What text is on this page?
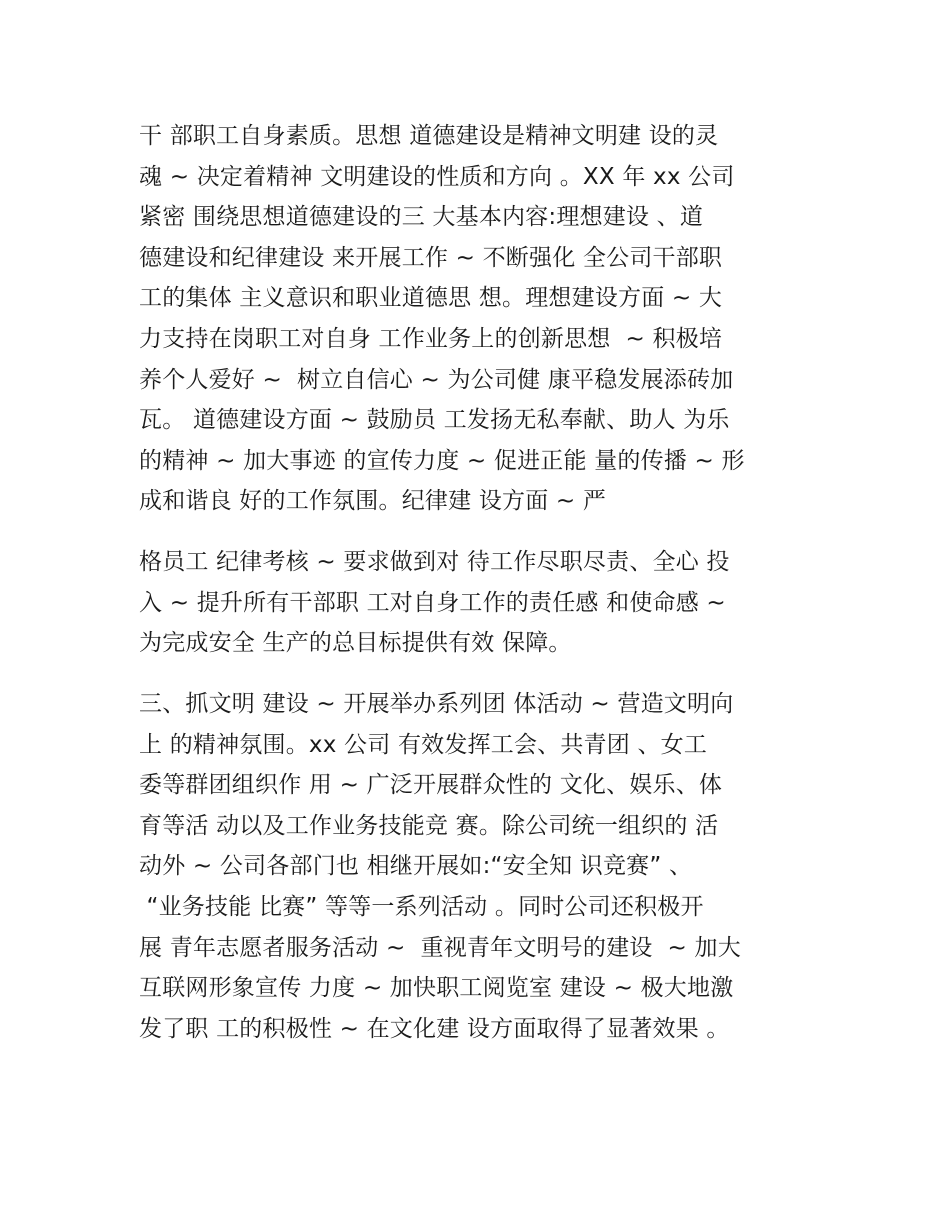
干 部职工自身素质。思想 道德建设是精神文明建 设的灵
魂 ~ 决定着精神 文明建设的性质和方向 。XX 年 xx 公司
紧密 围绕思想道德建设的三 大基本内容:理想建设 、道
德建设和纪律建设 来开展工作 ~ 不断强化 全公司干部职
工的集体 主义意识和职业道德思 想。理想建设方面 ~ 大
力支持在岗职工对自身 工作业务上的创新思想  ~ 积极培
养个人爱好 ~  树立自信心 ~ 为公司健 康平稳发展添砖加
瓦。 道德建设方面 ~ 鼓励员 工发扬无私奉献、助人 为乐
的精神 ~ 加大事迹 的宣传力度 ~ 促进正能 量的传播 ~ 形
成和谐良 好的工作氛围。纪律建 设方面 ~ 严
格员工 纪律考核 ~ 要求做到对 待工作尽职尽责、全心 投
入 ~ 提升所有干部职 工对自身工作的责任感 和使命感 ~
为完成安全 生产的总目标提供有效 保障。
三、抓文明 建设 ~ 开展举办系列团 体活动 ~ 营造文明向
上 的精神氛围。xx 公司 有效发挥工会、共青团 、女工
委等群团组织作 用 ~ 广泛开展群众性的 文化、娱乐、体
育等活 动以及工作业务技能竞 赛。除公司统一组织的 活
动外 ~ 公司各部门也 相继开展如:“安全知 识竞赛” 、
“业务技能 比赛” 等等一系列活动 。同时公司还积极开
展 青年志愿者服务活动 ~  重视青年文明号的建设  ~ 加大
互联网形象宣传 力度 ~ 加快职工阅览室 建设 ~ 极大地激
发了职 工的积极性 ~ 在文化建 设方面取得了显著效果 。
